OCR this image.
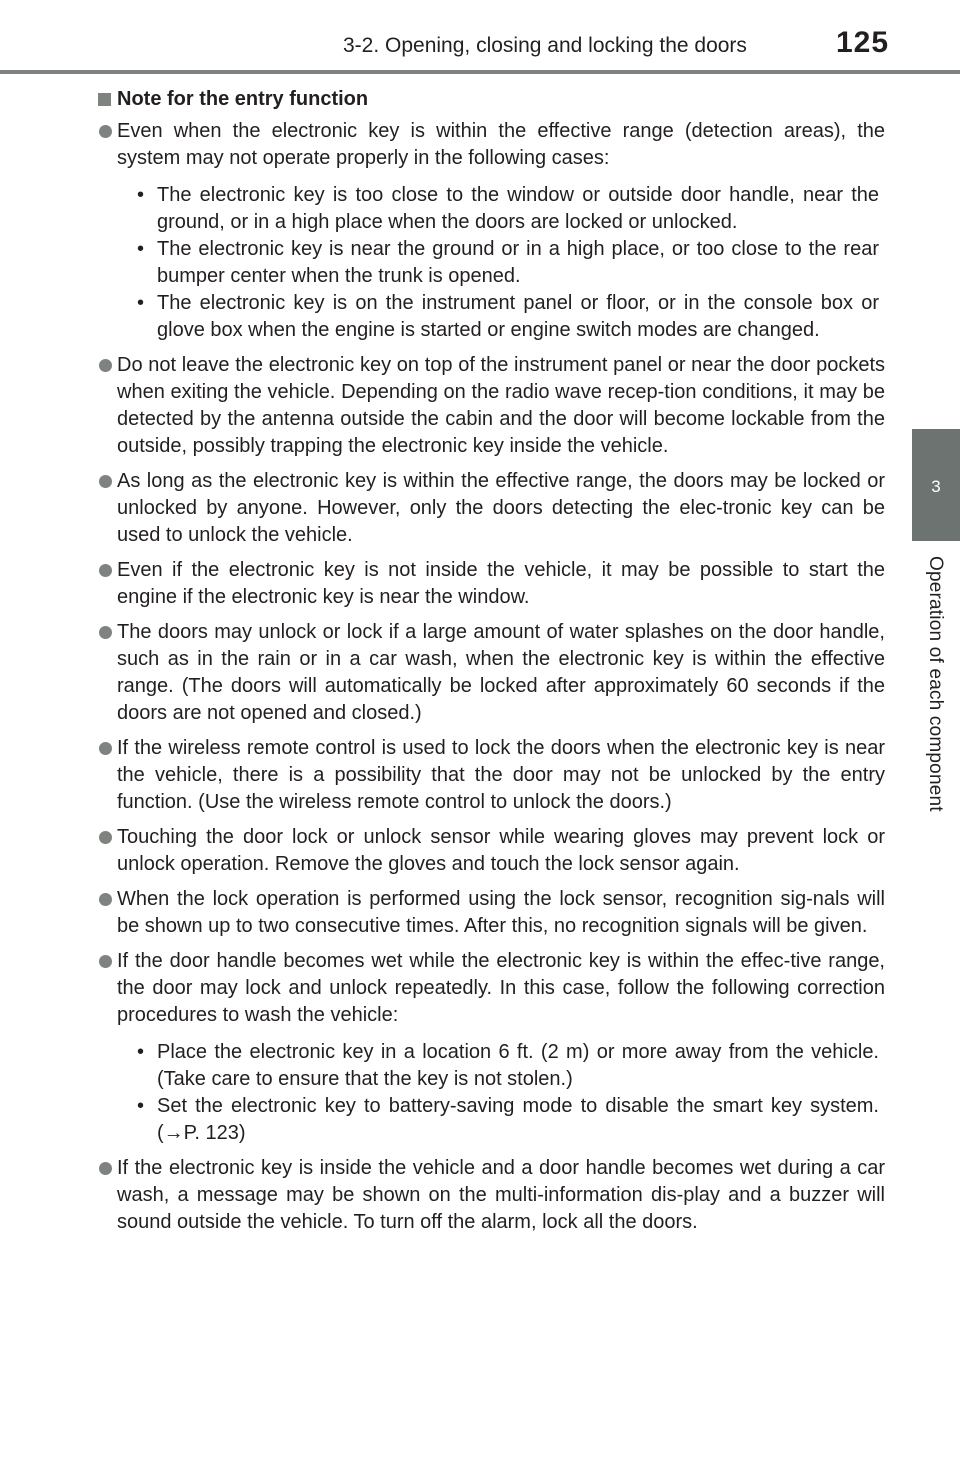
3-2. Opening, closing and locking the doors	125
3
Operation of each component
Note for the entry function
Even when the electronic key is within the effective range (detection areas), the system may not operate properly in the following cases:
• The electronic key is too close to the window or outside door handle, near the ground, or in a high place when the doors are locked or unlocked.
• The electronic key is near the ground or in a high place, or too close to the rear bumper center when the trunk is opened.
• The electronic key is on the instrument panel or floor, or in the console box or glove box when the engine is started or engine switch modes are changed.
Do not leave the electronic key on top of the instrument panel or near the door pockets when exiting the vehicle. Depending on the radio wave recep-tion conditions, it may be detected by the antenna outside the cabin and the door will become lockable from the outside, possibly trapping the electronic key inside the vehicle.
As long as the electronic key is within the effective range, the doors may be locked or unlocked by anyone. However, only the doors detecting the elec-tronic key can be used to unlock the vehicle.
Even if the electronic key is not inside the vehicle, it may be possible to start the engine if the electronic key is near the window.
The doors may unlock or lock if a large amount of water splashes on the door handle, such as in the rain or in a car wash, when the electronic key is within the effective range. (The doors will automatically be locked after approximately 60 seconds if the doors are not opened and closed.)
If the wireless remote control is used to lock the doors when the electronic key is near the vehicle, there is a possibility that the door may not be unlocked by the entry function. (Use the wireless remote control to unlock the doors.)
Touching the door lock or unlock sensor while wearing gloves may prevent lock or unlock operation. Remove the gloves and touch the lock sensor again.
When the lock operation is performed using the lock sensor, recognition sig-nals will be shown up to two consecutive times. After this, no recognition signals will be given.
If the door handle becomes wet while the electronic key is within the effec-tive range, the door may lock and unlock repeatedly. In this case, follow the following correction procedures to wash the vehicle:
• Place the electronic key in a location 6 ft. (2 m) or more away from the vehicle. (Take care to ensure that the key is not stolen.)
• Set the electronic key to battery-saving mode to disable the smart key system. (→P. 123)
If the electronic key is inside the vehicle and a door handle becomes wet during a car wash, a message may be shown on the multi-information dis-play and a buzzer will sound outside the vehicle. To turn off the alarm, lock all the doors.
